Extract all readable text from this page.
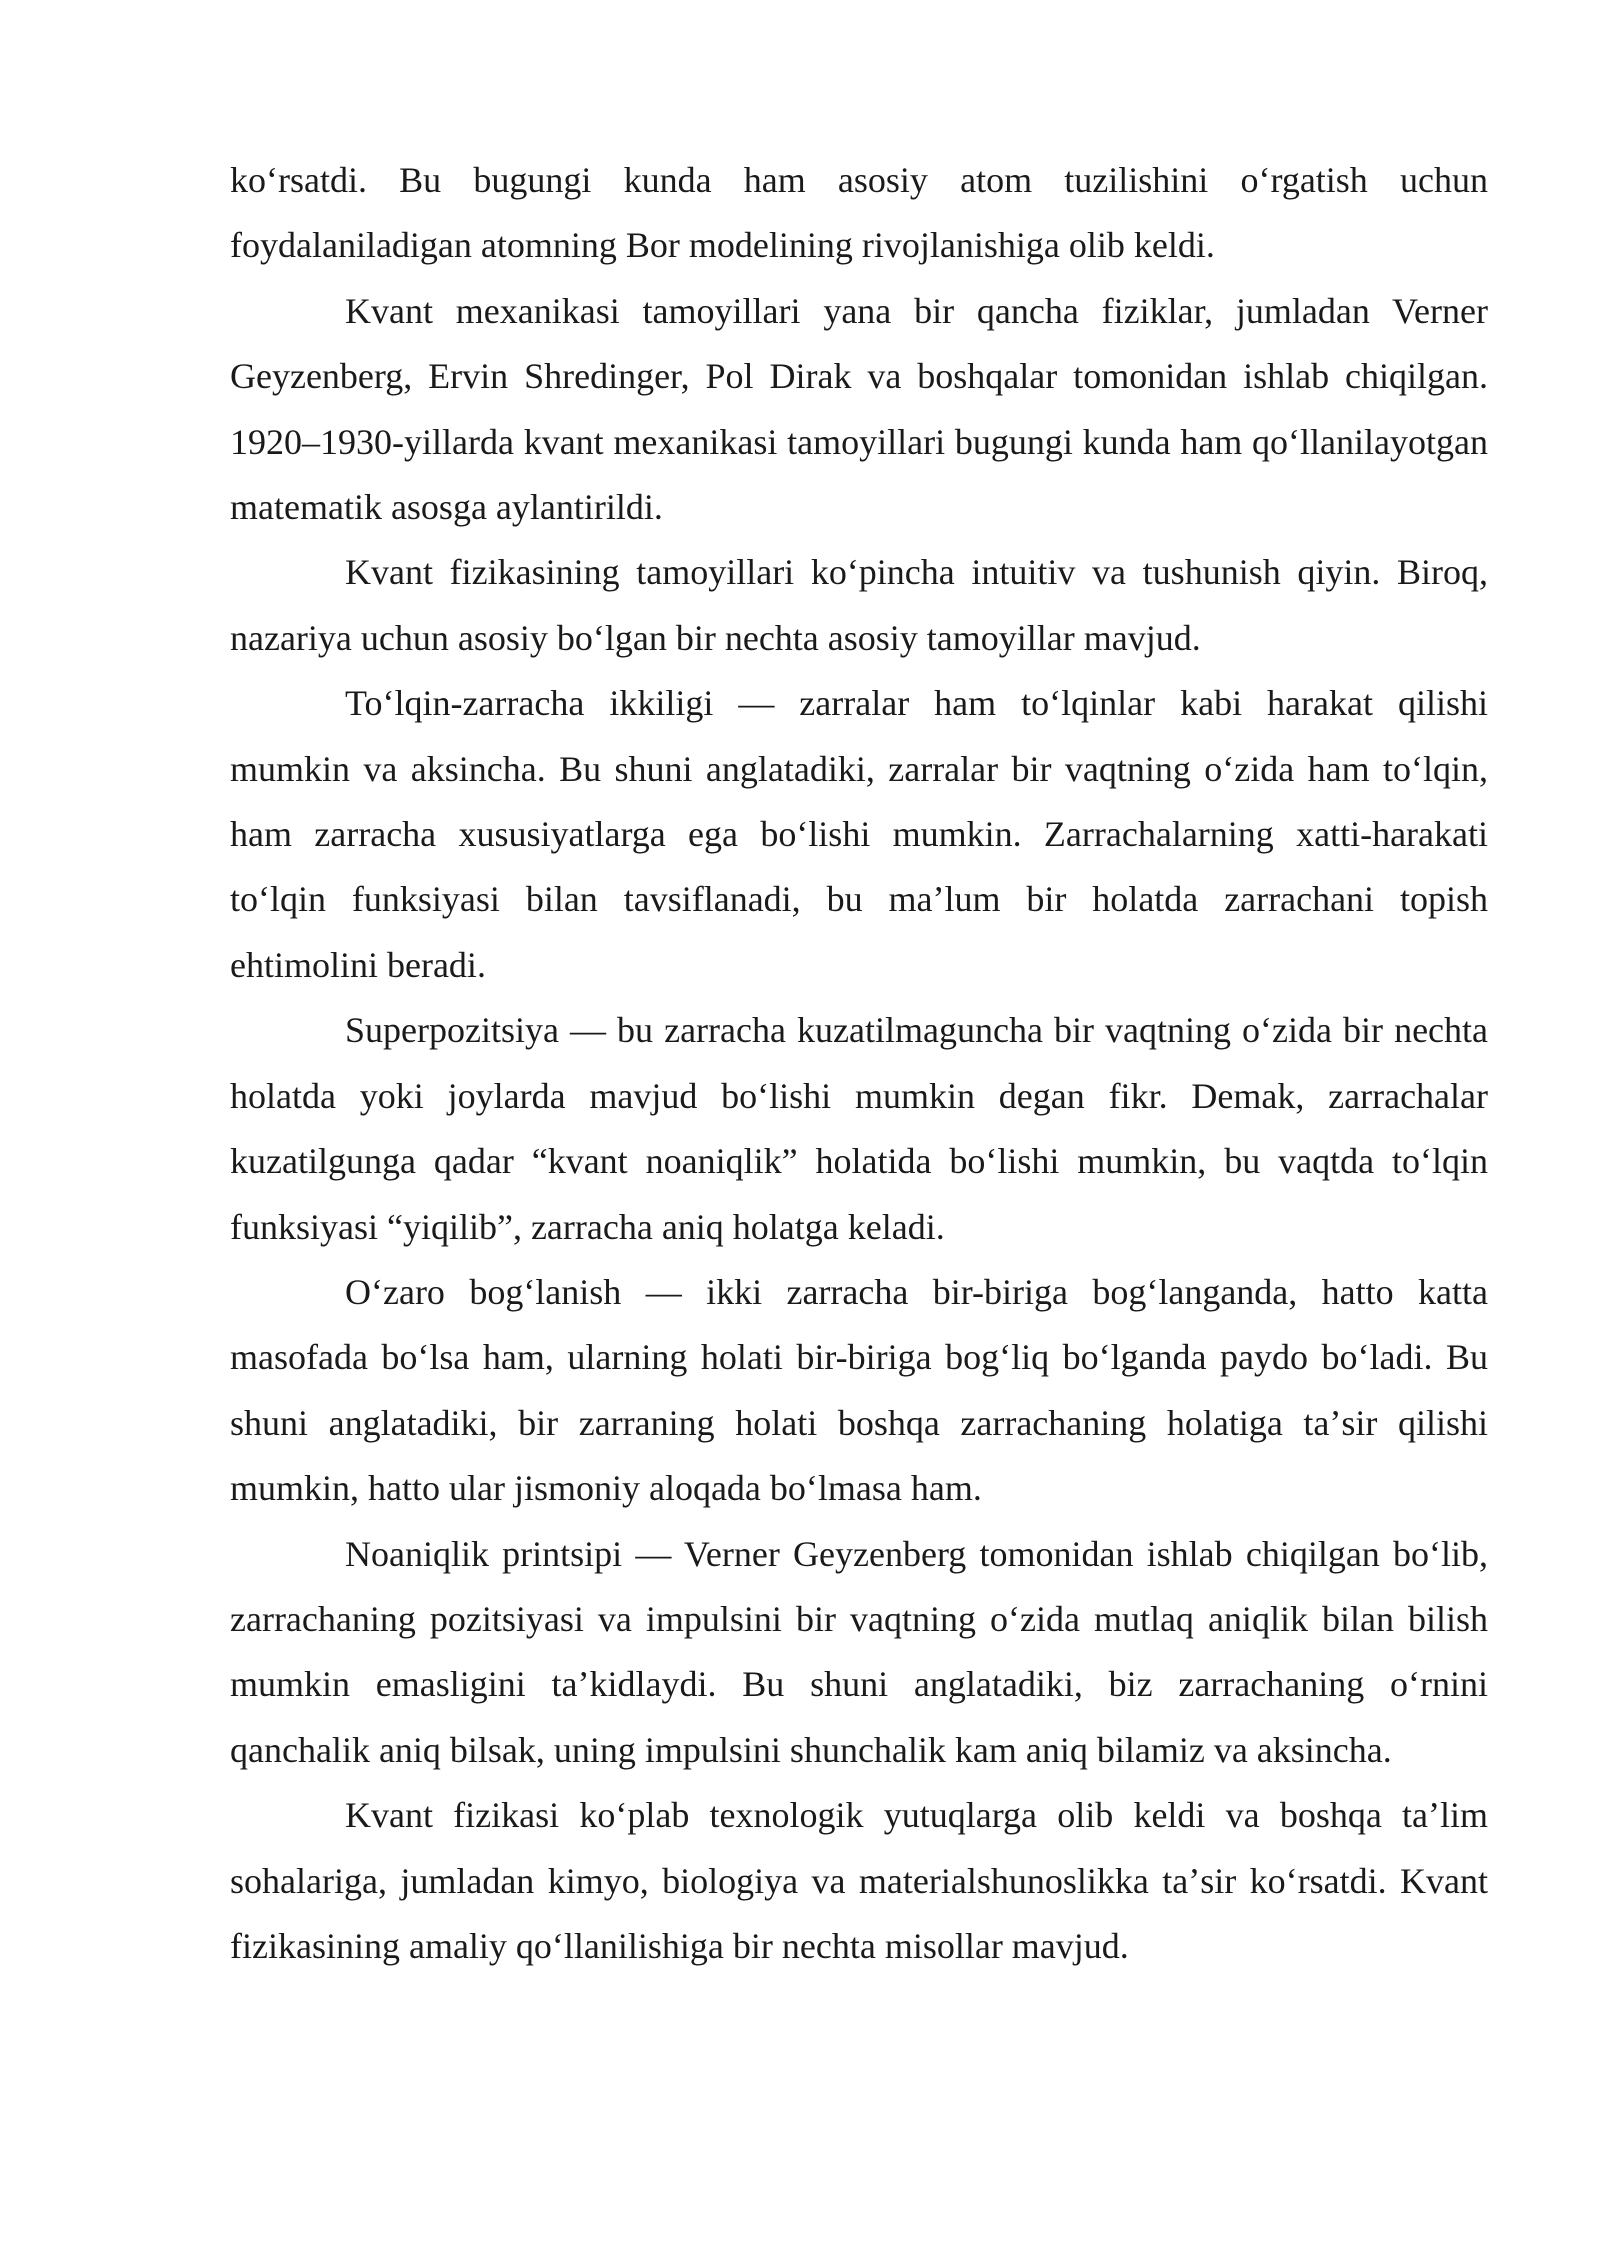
koʻrsatdi. Bu bugungi kunda ham asosiy atom tuzilishini oʻrgatish uchun foydalaniladigan atomning Bor modelining rivojlanishiga olib keldi.

Kvant mexanikasi tamoyillari yana bir qancha fiziklar, jumladan Verner Geyzenberg, Ervin Shredinger, Pol Dirak va boshqalar tomonidan ishlab chiqilgan. 1920–1930-yillarda kvant mexanikasi tamoyillari bugungi kunda ham qoʻllanilayotgan matematik asosga aylantirildi.

Kvant fizikasining tamoyillari koʻpincha intuitiv va tushunish qiyin. Biroq, nazariya uchun asosiy boʻlgan bir nechta asosiy tamoyillar mavjud.

Toʻlqin-zarracha ikkiligi — zarralar ham toʻlqinlar kabi harakat qilishi mumkin va aksincha. Bu shuni anglatadiki, zarralar bir vaqtning oʻzida ham toʻlqin, ham zarracha xususiyatlarga ega boʻlishi mumkin. Zarrachalarning xatti-harakati toʻlqin funksiyasi bilan tavsiflanadi, bu maʼlum bir holatda zarrachani topish ehtimolini beradi.

Superpozitsiya — bu zarracha kuzatilmaguncha bir vaqtning oʻzida bir nechta holatda yoki joylarda mavjud boʻlishi mumkin degan fikr. Demak, zarrachalar kuzatilgunga qadar “kvant noaniqlik” holatida boʻlishi mumkin, bu vaqtda toʻlqin funksiyasi “yiqilib”, zarracha aniq holatga keladi.

Oʻzaro bogʻlanish — ikki zarracha bir-biriga bogʻlanganda, hatto katta masofada boʻlsa ham, ularning holati bir-biriga bogʻliq boʻlganda paydo boʻladi. Bu shuni anglatadiki, bir zarraning holati boshqa zarrachaning holatiga taʼsir qilishi mumkin, hatto ular jismoniy aloqada boʻlmasa ham.

Noaniqlik printsipi — Verner Geyzenberg tomonidan ishlab chiqilgan boʻlib, zarrachaning pozitsiyasi va impulsini bir vaqtning oʻzida mutlaq aniqlik bilan bilish mumkin emasligini taʼkidlaydi. Bu shuni anglatadiki, biz zarrachaning oʻrnini qanchalik aniq bilsak, uning impulsini shunchalik kam aniq bilamiz va aksincha.

Kvant fizikasi koʻplab texnologik yutuqlarga olib keldi va boshqa taʼlim sohalariga, jumladan kimyo, biologiya va materialshunoslikka taʼsir koʻrsatdi. Kvant fizikasining amaliy qoʻllanilishiga bir nechta misollar mavjud.
